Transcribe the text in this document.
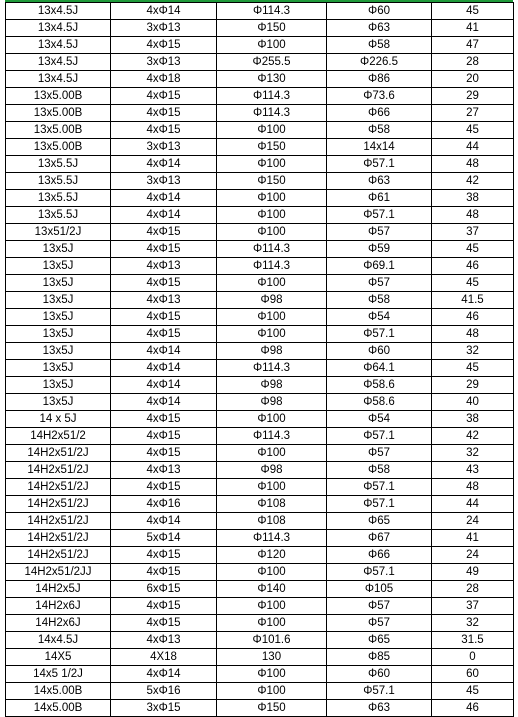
13x4.5J	4xΦ14	Φ114.3	Φ60	45
13x4.5J	3xΦ13	Φ150	Φ63	41
13x4.5J	4xΦ15	Φ100	Φ58	47
13x4.5J	3xΦ13	Φ255.5	Φ226.5	28
13x4.5J	4xΦ18	Φ130	Φ86	20
13x5.00B	4xΦ15	Φ114.3	Φ73.6	29
13x5.00B	4xΦ15	Φ114.3	Φ66	27
13x5.00B	4xΦ15	Φ100	Φ58	45
13x5.00B	3xΦ13	Φ150	14x14	44
13x5.5J	4xΦ14	Φ100	Φ57.1	48
13x5.5J	3xΦ13	Φ150	Φ63	42
13x5.5J	4xΦ14	Φ100	Φ61	38
13x5.5J	4xΦ14	Φ100	Φ57.1	48
13x51/2J	4xΦ15	Φ100	Φ57	37
13x5J	4xΦ15	Φ114.3	Φ59	45
13x5J	4xΦ13	Φ114.3	Φ69.1	46
13x5J	4xΦ15	Φ100	Φ57	45
13x5J	4xΦ13	Φ98	Φ58	41.5
13x5J	4xΦ15	Φ100	Φ54	46
13x5J	4xΦ15	Φ100	Φ57.1	48
13x5J	4xΦ14	Φ98	Φ60	32
13x5J	4xΦ14	Φ114.3	Φ64.1	45
13x5J	4xΦ14	Φ98	Φ58.6	29
13x5J	4xΦ14	Φ98	Φ58.6	40
14 x 5J	4xΦ15	Φ100	Φ54	38
14H2x51/2	4xΦ15	Φ114.3	Φ57.1	42
14H2x51/2J	4xΦ15	Φ100	Φ57	32
14H2x51/2J	4xΦ13	Φ98	Φ58	43
14H2x51/2J	4xΦ15	Φ100	Φ57.1	48
14H2x51/2J	4xΦ16	Φ108	Φ57.1	44
14H2x51/2J	4xΦ14	Φ108	Φ65	24
14H2x51/2J	5xΦ14	Φ114.3	Φ67	41
14H2x51/2J	4xΦ15	Φ120	Φ66	24
14H2x51/2JJ	4xΦ15	Φ100	Φ57.1	49
14H2x5J	6xΦ15	Φ140	Φ105	28
14H2x6J	4xΦ15	Φ100	Φ57	37
14H2x6J	4xΦ15	Φ100	Φ57	32
14x4.5J	4xΦ13	Φ101.6	Φ65	31.5
14X5	4X18	130	Φ85	0
14x5 1/2J	4xΦ14	Φ100	Φ60	60
14x5.00B	5xΦ16	Φ100	Φ57.1	45
14x5.00B	3xΦ15	Φ150	Φ63	46
